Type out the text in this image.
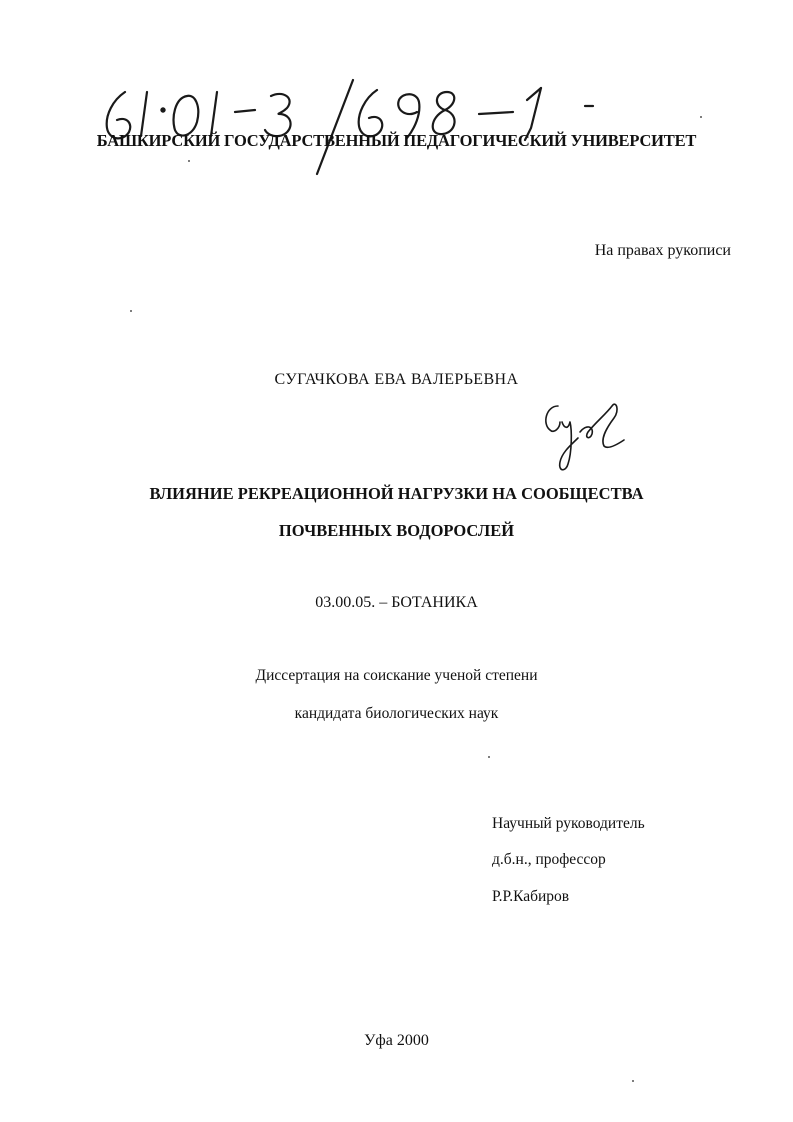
БАШКИРСКИЙ ГОСУДАРСТВЕННЫЙ ПЕДАГОГИЧЕСКИЙ УНИВЕРСИТЕТ
На правах рукописи
СУГАЧКОВА ЕВА ВАЛЕРЬЕВНА
ВЛИЯНИЕ РЕКРЕАЦИОННОЙ НАГРУЗКИ НА СООБЩЕСТВА
ПОЧВЕННЫХ ВОДОРОСЛЕЙ
03.00.05. – БОТАНИКА
Диссертация на соискание ученой степени
кандидата биологических наук
Научный руководитель
д.б.н., профессор
Р.Р.Кабиров
Уфа 2000
